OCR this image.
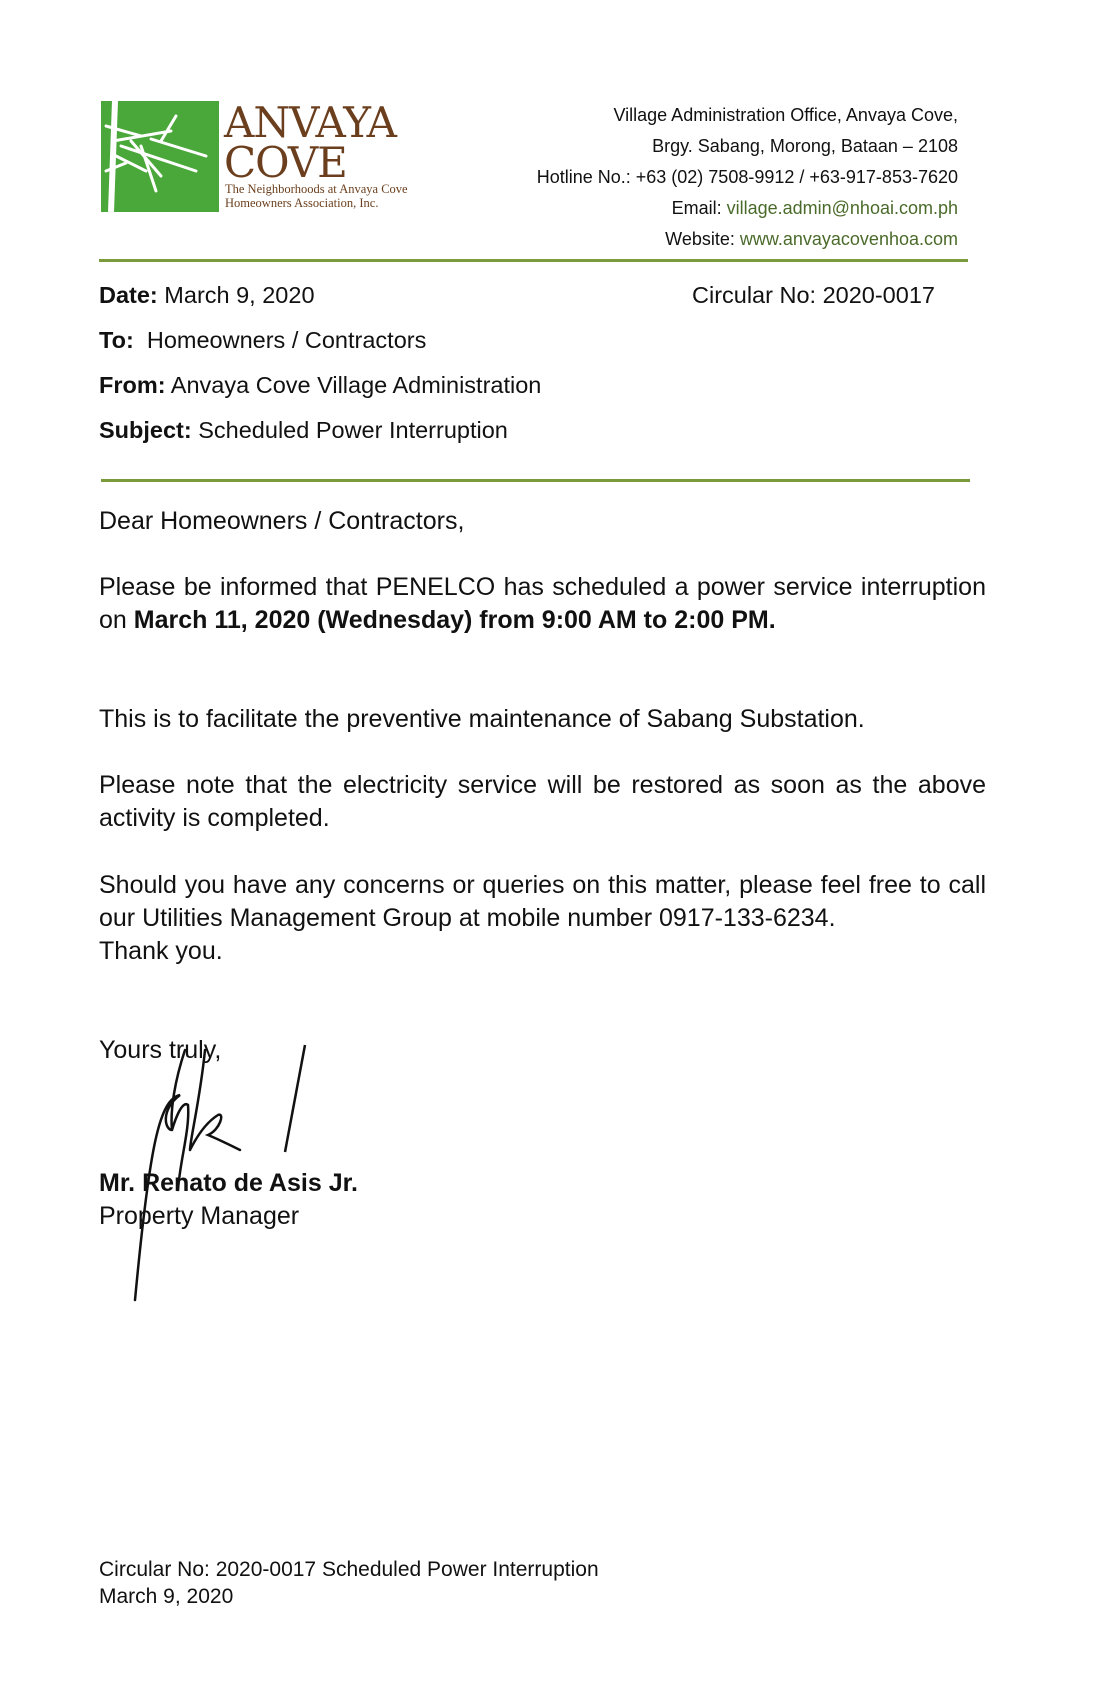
ANVAYA
COVE
The Neighborhoods at Anvaya Cove
Homeowners Association, Inc.
Village Administration Office, Anvaya Cove,
Brgy. Sabang, Morong, Bataan – 2108
Hotline No.: +63 (02) 7508-9912 / +63-917-853-7620
Email: village.admin@nhoai.com.ph
Website: www.anvayacovenhoa.com
Date: March 9, 2020	Circular No: 2020-0017
To:  Homeowners / Contractors
From: Anvaya Cove Village Administration
Subject: Scheduled Power Interruption
Dear Homeowners / Contractors,
Please be informed that PENELCO has scheduled a power service interruption on March 11, 2020 (Wednesday) from 9:00 AM to 2:00 PM.
This is to facilitate the preventive maintenance of Sabang Substation.
Please note that the electricity service will be restored as soon as the above activity is completed.
Should you have any concerns or queries on this matter, please feel free to call our Utilities Management Group at mobile number 0917-133-6234.
Thank you.
Yours truly,
Mr. Renato de Asis Jr.
Property Manager
Circular No: 2020-0017 Scheduled Power Interruption
March 9, 2020
